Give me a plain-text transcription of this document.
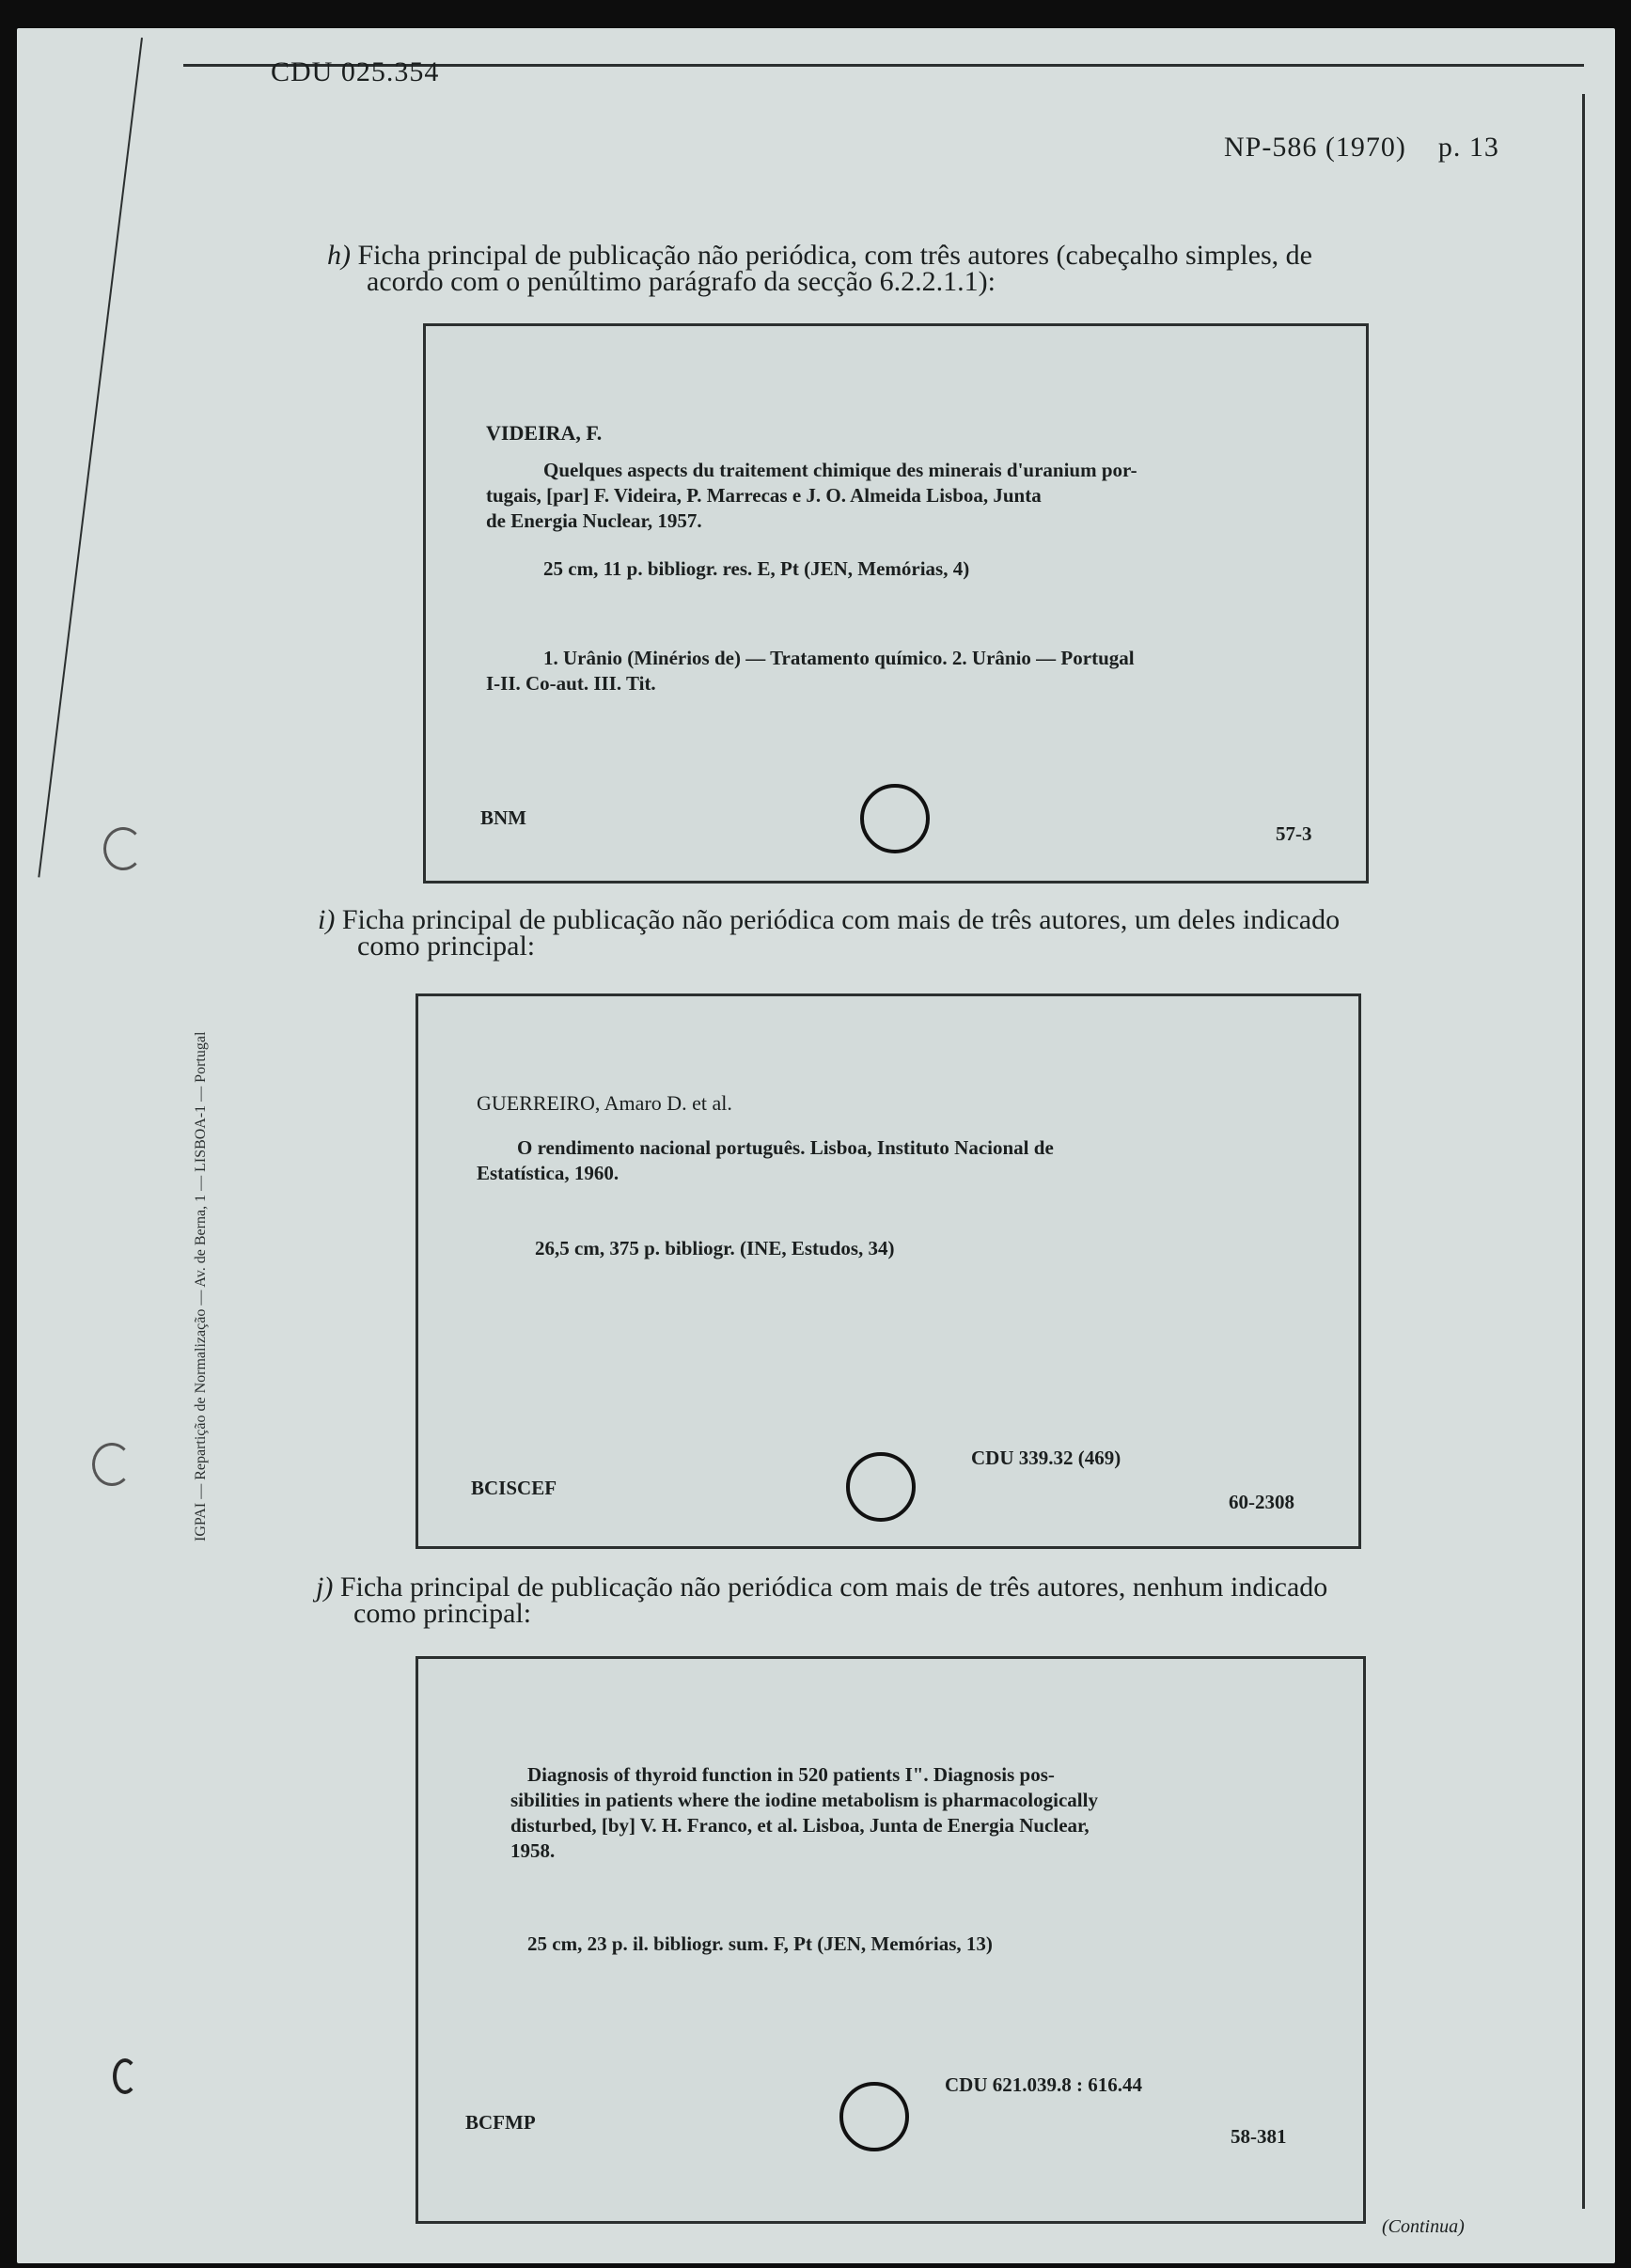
CDU 025.354
NP-586 (1970) p. 13
IGPAI — Repartição de Normalização — Av. de Berna, 1 — LISBOA-1 — Portugal
h) Ficha principal de publicação não periódica, com três autores (cabeçalho simples, de
acordo com o penúltimo parágrafo da secção 6.2.2.1.1):
VIDEIRA, F.
Quelques aspects du traitement chimique des minerais d'uranium por-
tugais, [par] F. Videira, P. Marrecas e J. O. Almeida Lisboa, Junta
de Energia Nuclear, 1957.
25 cm, 11 p. bibliogr. res. E, Pt (JEN, Memórias, 4)
1. Urânio (Minérios de) — Tratamento químico. 2. Urânio — Portugal
I-II. Co-aut. III. Tit.
BNM
57-3
i) Ficha principal de publicação não periódica com mais de três autores, um deles indicado
como principal:
GUERREIRO, Amaro D. et al.
O rendimento nacional português. Lisboa, Instituto Nacional de
Estatística, 1960.
26,5 cm, 375 p. bibliogr. (INE, Estudos, 34)
CDU 339.32 (469)
BCISCEF
60-2308
j) Ficha principal de publicação não periódica com mais de três autores, nenhum indicado
como principal:
Diagnosis of thyroid function in 520 patients I". Diagnosis pos-
sibilities in patients where the iodine metabolism is pharmacologically
disturbed, [by] V. H. Franco, et al. Lisboa, Junta de Energia Nuclear,
1958.
25 cm, 23 p. il. bibliogr. sum. F, Pt (JEN, Memórias, 13)
CDU 621.039.8 : 616.44
BCFMP
58-381
(Continua)
